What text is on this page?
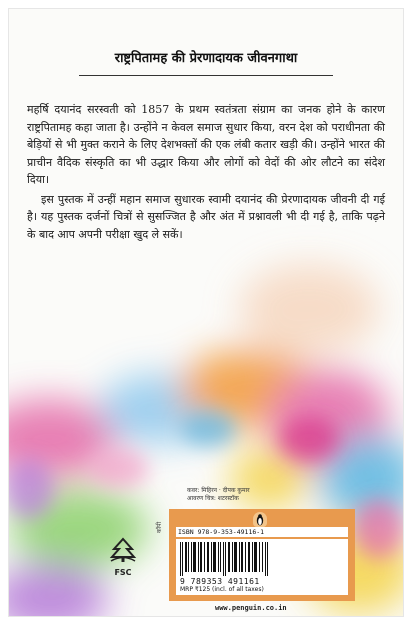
राष्ट्रपितामह की प्रेरणादायक जीवनगाथा

महर्षि दयानंद सरस्वती को 1857 के प्रथम स्वतंत्रता संग्राम का जनक होने के कारण राष्ट्रपितामह कहा जाता है। उन्होंने न केवल समाज सुधार किया, वरन देश को पराधीनता की बेड़ियों से भी मुक्त कराने के लिए देशभक्तों की एक लंबी कतार खड़ी की। उन्होंने भारत की प्राचीन वैदिक संस्कृति का भी उद्धार किया और लोगों को वेदों की ओर लौटने का संदेश दिया।

इस पुस्तक में उन्हीं महान समाज सुधारक स्वामी दयानंद की प्रेरणादायक जीवनी दी गई है। यह पुस्तक दर्जनों चित्रों से सुसज्जित है और अंत में प्रश्नावली भी दी गई है, ताकि पढ़ने के बाद आप अपनी परीक्षा खुद ले सकें।

कवर: मिहिरन · दीपक कुमार
आवरण चित्र: शटरस्टॉक
FSC
कॉपी	ISBN 978-9-353-49116-1
9 789353 491161
MRP ₹125 (incl. of all taxes)
www.penguin.co.in
